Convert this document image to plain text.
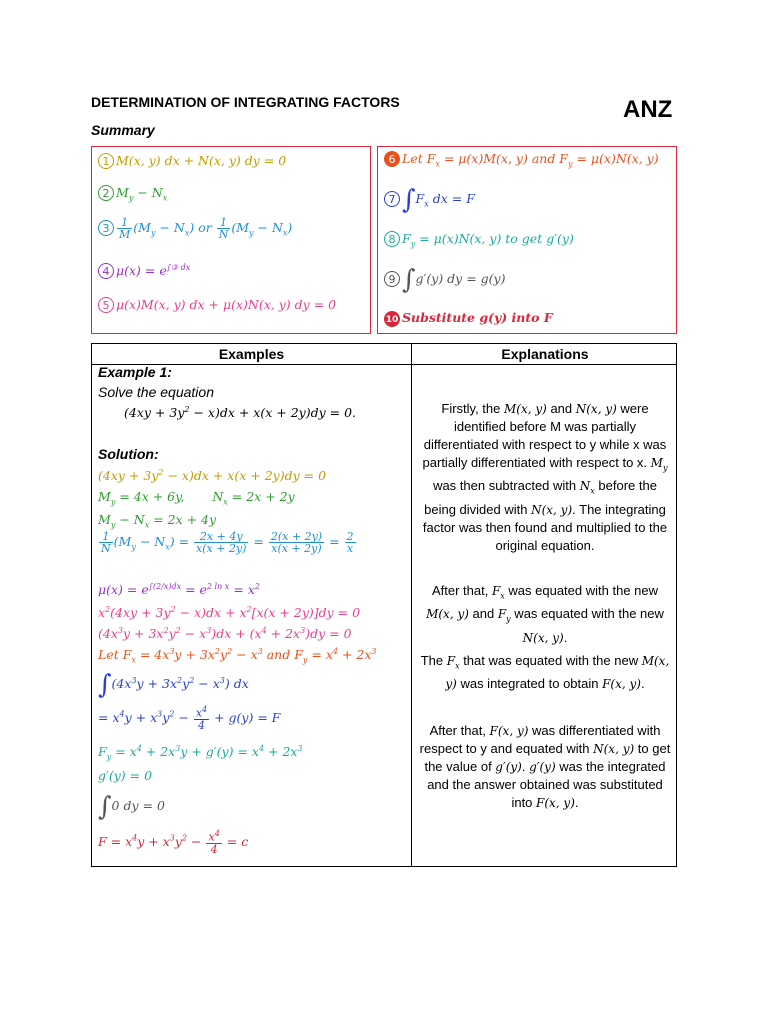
DETERMINATION OF INTEGRATING FACTORS	ANZ
Summary
1 M(x, y) dx + N(x, y) dy = 0
2 $M_y - N_x$
$3 \frac{1}{M} (M_y - N_x)$ or $\frac{1}{N} (M_y - N_x)$
4 $\mu(x) = e^{\int ③ dx}$
5 μ(x)M(x, y) dx + μ(x)N(x, y) dy = 0
6 Let $F_x = \mu(x)M(x$, y) and $F_y = \mu(x)N(x$, y)
7 $\int F_x$ dx = F
8 $F_y = \mu(x)N(x$, y) to get g′(y)
9 ∫g′(y) dy = g(y)
10 Substitute g(y) into F
Examples	Explanations
Example 1:
Solve the equation
$(4xy + 3y^2 - x)dx + x(x + 2y)dy = 0$.
Solution:
$(4xy + 3y^2 - x)dx + x(x + 2y)dy = 0$
$M_y = 4x + 6y$,       $N_x = 2x + 2y$
$M_y - N_x = 2x + 4y$
$\frac{1}{N} (M_y - N_x) = \frac{2x + 4y}{x(x + 2y)} = \frac{2(x + 2y)}{x(x + 2y)} = \frac{2}{x}$
$\mu(x) = e^{\int(2/x)dx} = e^{2 ln x} = x^2$
$x^2(4xy + 3y^2 - x)dx + x^2[x(x + 2y)]dy = 0$
$(4x^3y + 3x^2y^2 - x^3)dx + (x^4 + 2x^3)dy = 0$
Let $F_x = 4x^3y + 3x^2y^2 - x^3$ and $F_y = x^4 + 2x^3$
$\int(4x^3y + 3x^2y^2 - x^3)$ dx
= $x^4y + x^3y^2 - \frac{x^4}{4} + g(y) = F$
$F_y = x^4 + 2x^3y + g'(y) = x^4 + 2x^3$
g′(y) = 0
∫0 dy = 0
$F = x^4y + x^3y^2 - \frac{x^4}{4} = c$
Firstly, the M(x, y) and N(x, y) were identified before M was partially differentiated with respect to y while x was partially differentiated with respect to x. $M_y$ was then subtracted with $N_x$ before the being divided with N(x, y). The integrating factor was then found and multiplied to the original equation.
After that, $F_x$ was equated with the new M(x, y) and $F_y$ was equated with the new N(x, y).
The $F_x$ that was equated with the new M(x, y) was integrated to obtain F(x, y).
After that, F(x, y) was differentiated with respect to y and equated with N(x, y) to get the value of g′(y). g′(y) was the integrated and the answer obtained was substituted into F(x, y).
